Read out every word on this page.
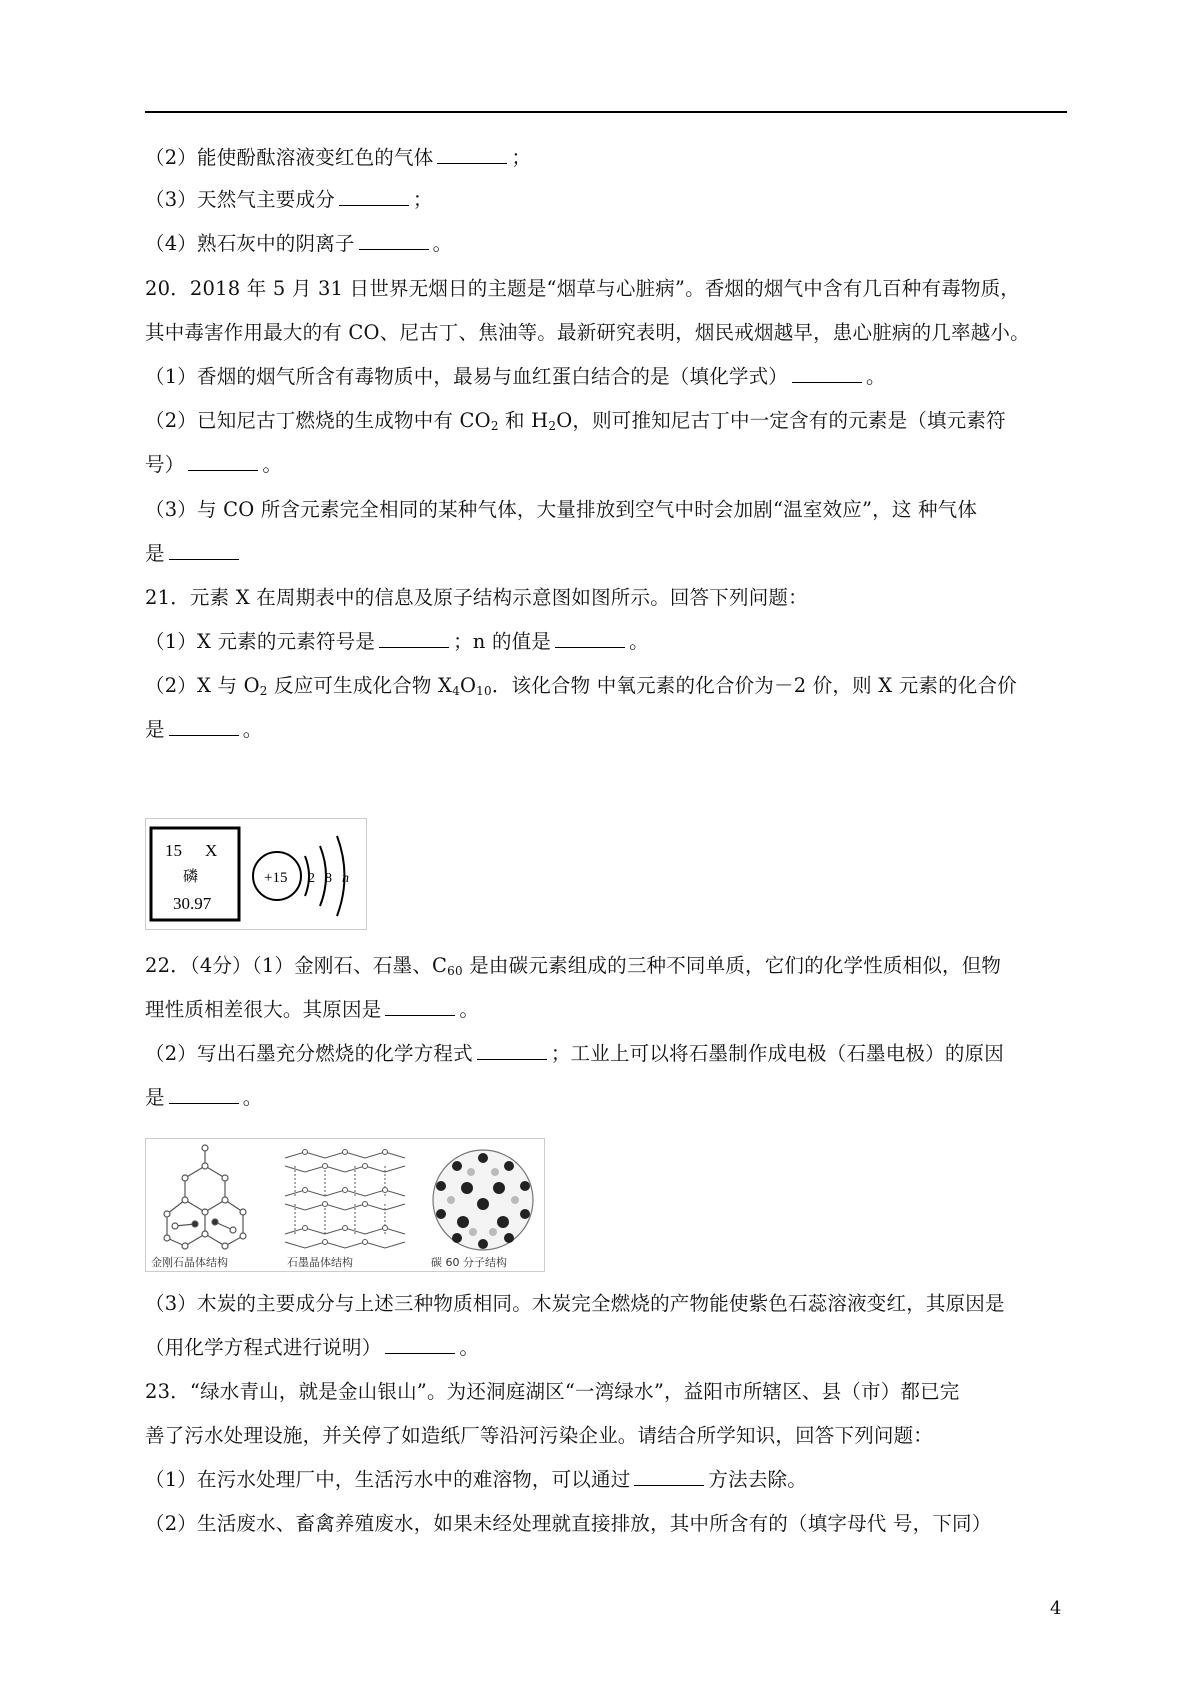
（2）能使酚酞溶液变红色的气体	；
（3）天然气主要成分	；
（4）熟石灰中的阴离子	。
20．2018 年 5 月 31 日世界无烟日的主题是“烟草与心脏病”。香烟的烟气中含有几百种有毒物质，
其中毒害作用最大的有 CO、尼古丁、焦油等。最新研究表明，烟民戒烟越早，患心脏病的几率越小。
（1）香烟的烟气所含有毒物质中，最易与血红蛋白结合的是（填化学式）	。
（2）已知尼古丁燃烧的生成物中有 $CO_2$ 和 $H_2O$，则可推知尼古丁中一定含有的元素是（填元素符
号）	。
（3）与 CO 所含元素完全相同的某种气体，大量排放到空气中时会加剧“温室效应”，这 种气体
是
21．元素 X 在周期表中的信息及原子结构示意图如图所示。回答下列问题：
（1）X 元素的元素符号是	；n 的值是	。
（2）X 与 $O_2$ 反应可生成化合物 $X_4O_{10}$．该化合物 中氧元素的化合价为－2 价，则 X 元素的化合价
是	。
15 X
磷
30.97
+15 2 8 n
22．（4分）（1）金刚石、石墨、$C_{60}$ 是由碳元素组成的三种不同单质，它们的化学性质相似，但物
理性质相差很大。其原因是	。
（2）写出石墨充分燃烧的化学方程式	；工业上可以将石墨制作成电极（石墨电极）的原因
是	。
金刚石晶体结构	石墨晶体结构	碳 60 分子结构
（3）木炭的主要成分与上述三种物质相同。木炭完全燃烧的产物能使紫色石蕊溶液变红，其原因是
（用化学方程式进行说明）	。
23．“绿水青山，就是金山银山”。为还洞庭湖区“一湾绿水”，益阳市所辖区、县（市）都已完
善了污水处理设施，并关停了如造纸厂等沿河污染企业。请结合所学知识，回答下列问题：
（1）在污水处理厂中，生活污水中的难溶物，可以通过	方法去除。
（2）生活废水、畜禽养殖废水，如果未经处理就直接排放，其中所含有的（填字母代 号，下同）
4
